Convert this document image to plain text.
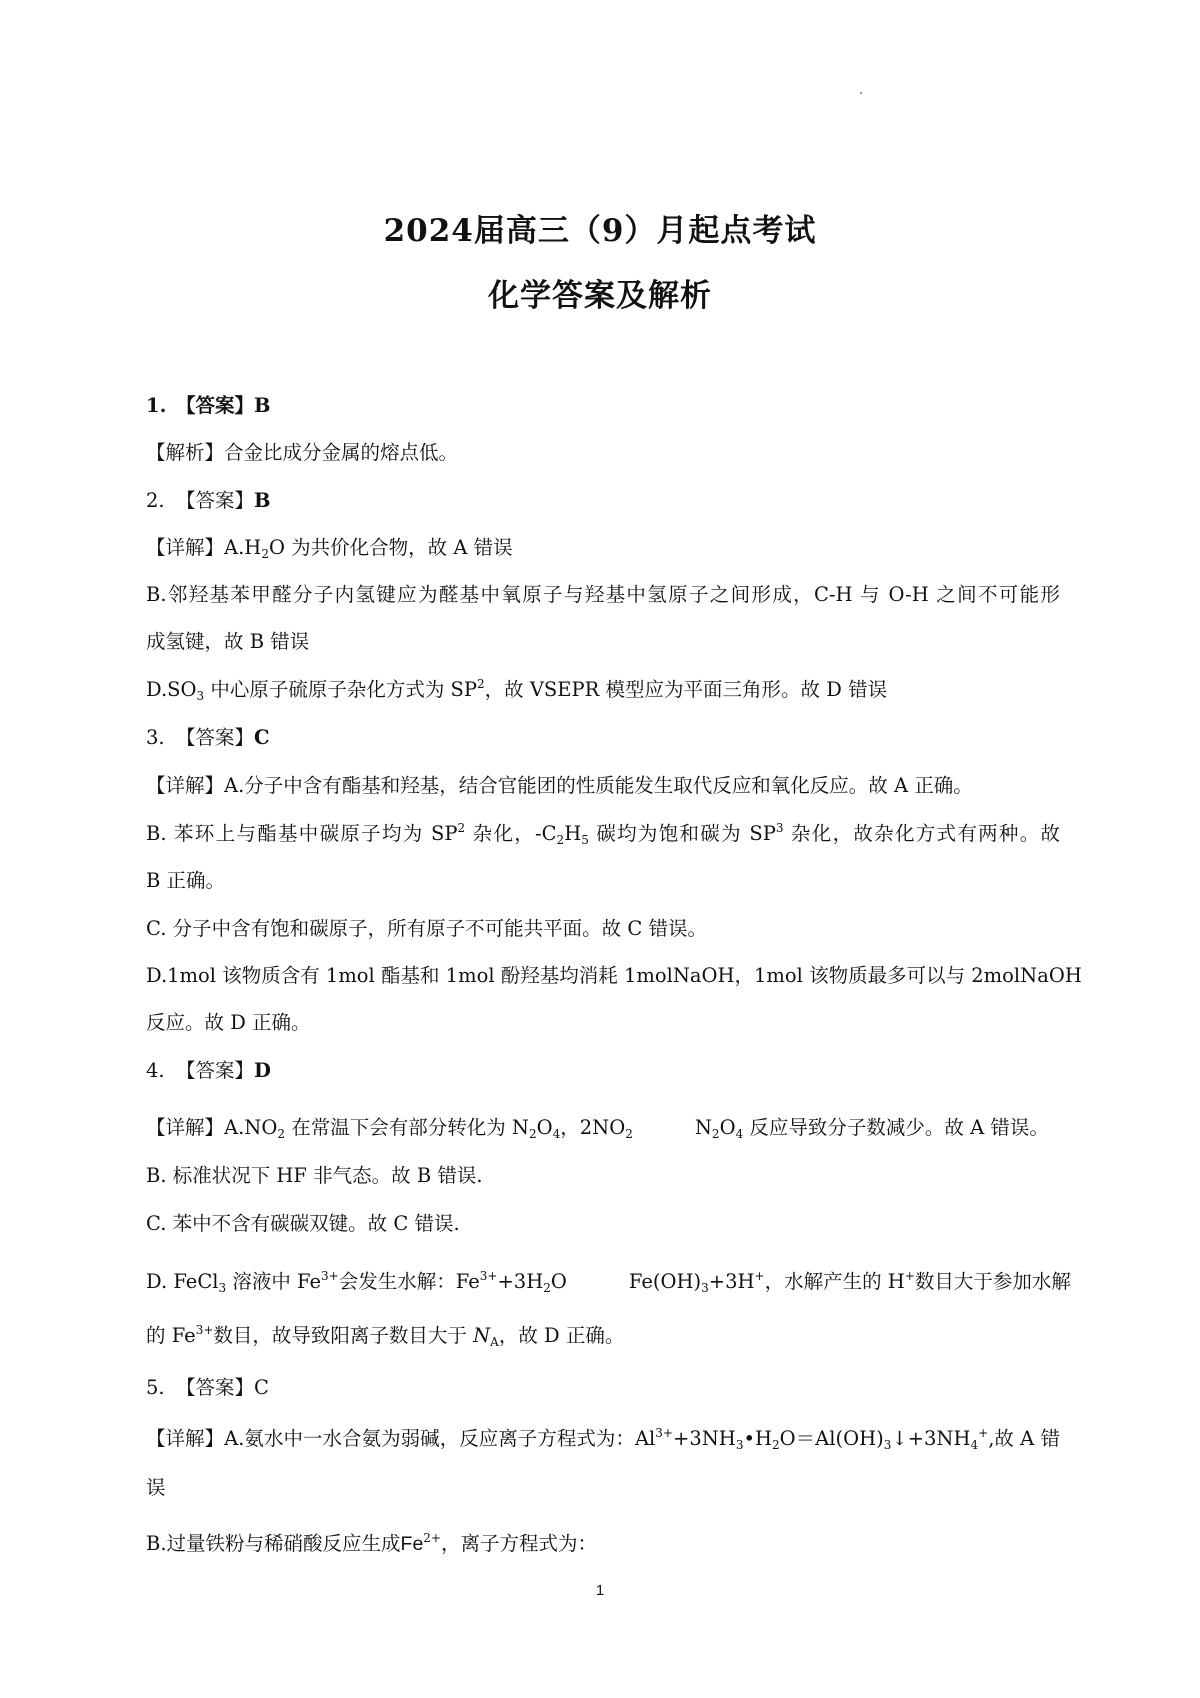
2024届高三（9）月起点考试
化学答案及解析
1. 【答案】B
【解析】合金比成分金属的熔点低。
2. 【答案】B
【详解】$A.H_2O$ 为共价化合物，故 A 错误
B.邻羟基苯甲醛分子内氢键应为醛基中氧原子与羟基中氢原子之间形成，C-H 与 O-H 之间不可能形
成氢键，故 B 错误
$D.SO_3$ 中心原子硫原子杂化方式为 $SP^2$，故 VSEPR 模型应为平面三角形。故 D 错误
3. 【答案】C
【详解】A.分子中含有酯基和羟基，结合官能团的性质能发生取代反应和氧化反应。故 A 正确。
B. 苯环上与酯基中碳原子均为 $SP^2$ 杂化，$-C_2H_5$ 碳均为饱和碳为 $SP^3$ 杂化，故杂化方式有两种。故
B 正确。
C. 分子中含有饱和碳原子，所有原子不可能共平面。故 C 错误。
D.1mol 该物质含有 1mol 酯基和 1mol 酚羟基均消耗 1molNaOH，1mol 该物质最多可以与 2molNaOH
反应。故 D 正确。
4. 【答案】D
【详解】$A.NO_2$ 在常温下会有部分转化为 $N_2O_4$，$2NO_2$	$N_2O_4$ 反应导致分子数减少。故 A 错误。
B. 标准状况下 HF 非气态。故 B 错误.
C. 苯中不含有碳碳双键。故 C 错误.
D. FeCl$_3$ 溶液中 $Fe^{3+}$会发生水解：$Fe^{3+}+3H_2O$	$Fe(OH)_3+3H^+$，水解产生的 H+数目大于参加水解
的 $Fe^{3+}$数目，故导致阳离子数目大于 $N_A$，故 D 正确。
5. 【答案】C
【详解】A.氨水中一水合氨为弱碱，反应离子方程式为：$Al^{3+}+3NH_3•H_2O=Al(OH)_3↓+3NH_4^+$,故 A 错
误
B.过量铁粉与稀硝酸反应生成$Fe^{2+}$，离子方程式为：
1
